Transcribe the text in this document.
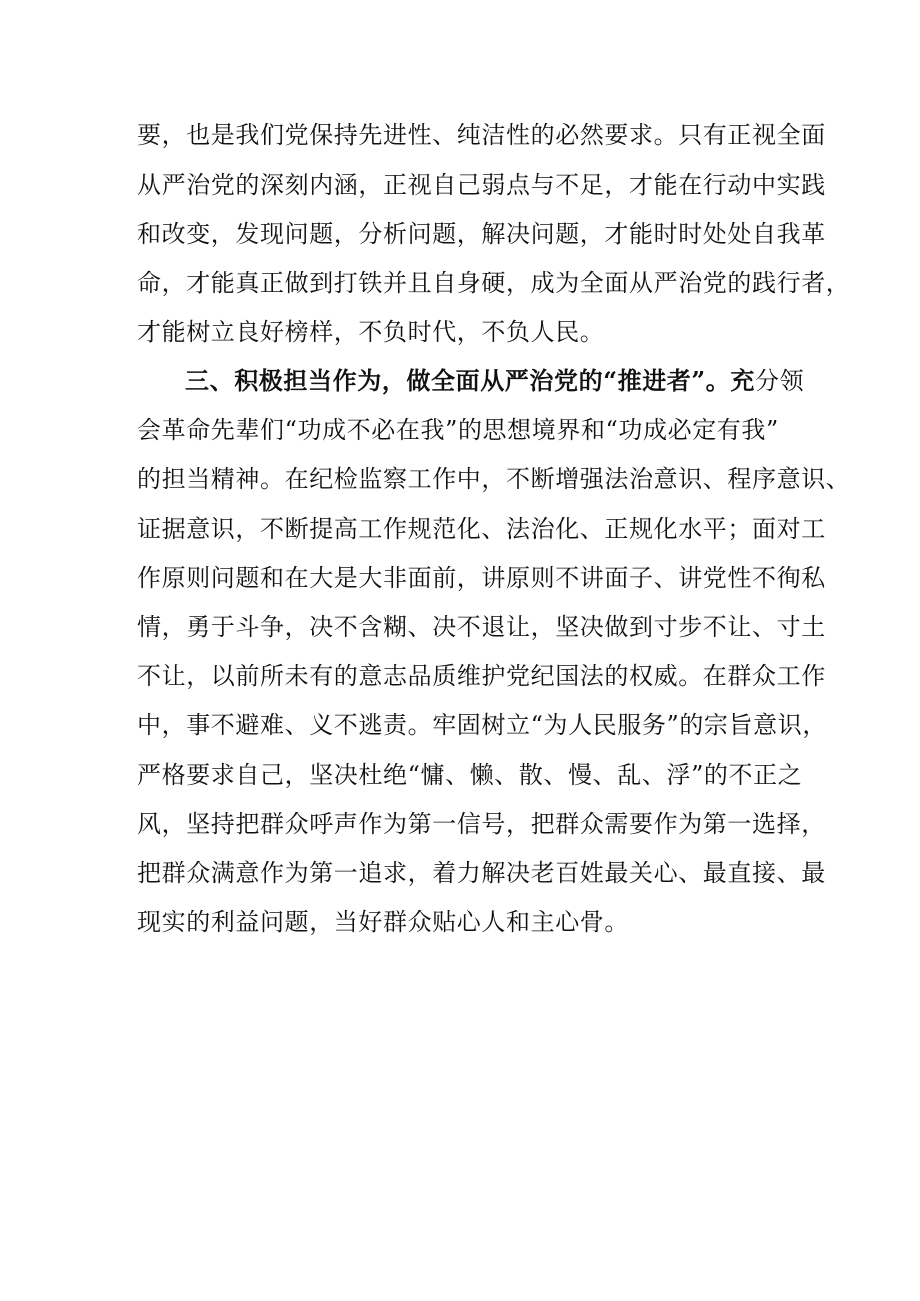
要，也是我们党保持先进性、纯洁性的必然要求。只有正视全面
从严治党的深刻内涵，正视自己弱点与不足，才能在行动中实践
和改变，发现问题，分析问题，解决问题，才能时时处处自我革
命，才能真正做到打铁并且自身硬，成为全面从严治党的践行者，
才能树立良好榜样，不负时代，不负人民。
三、积极担当作为，做全面从严治党的“推进者”。充分领
会革命先辈们“功成不必在我”的思想境界和“功成必定有我”
的担当精神。在纪检监察工作中，不断增强法治意识、程序意识、
证据意识，不断提高工作规范化、法治化、正规化水平；面对工
作原则问题和在大是大非面前，讲原则不讲面子、讲党性不徇私
情，勇于斗争，决不含糊、决不退让，坚决做到寸步不让、寸土
不让，以前所未有的意志品质维护党纪国法的权威。在群众工作
中，事不避难、义不逃责。牢固树立“为人民服务”的宗旨意识，
严格要求自己，坚决杜绝“慵、懒、散、慢、乱、浮”的不正之
风，坚持把群众呼声作为第一信号，把群众需要作为第一选择，
把群众满意作为第一追求，着力解决老百姓最关心、最直接、最
现实的利益问题，当好群众贴心人和主心骨。
